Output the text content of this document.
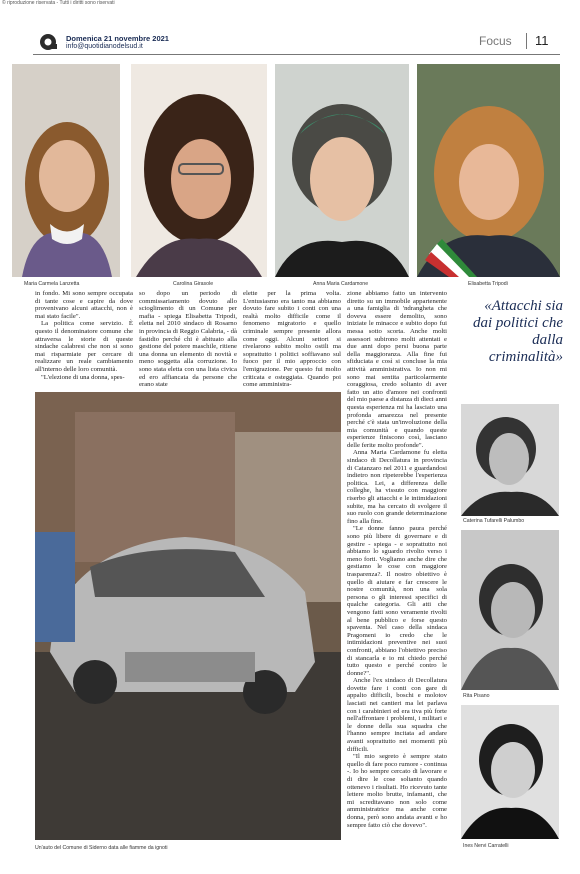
© riproduzione riservata - Tutti i diritti sono riservati
Domenica 21 novembre 2021
info@quotidianodelsud.it	Focus 11
Maria Carmela Lanzetta	Carolina Girasole	Anna Maria Cardamone	Elisabetta Tripodi

in fondo. Mi sono sempre occupata di tante cose e capire da dove provenivano alcuni attacchi, non è mai stato facile".

La politica come servizio. È questo il denominatore comune che attraversa le storie di queste sindache calabresi che non si sono mai risparmiate per cercare di realizzare un reale cambiamento all'interno delle loro comunità.

"L'elezione di una donna, spes-

so dopo un periodo di commissariamento dovuto allo scioglimento di un Comune per mafia - spiega Elisabetta Tripodi, eletta nel 2010 sindaco di Rosarno in provincia di Reggio Calabria, - dà fastidio perché chi è abituato alla gestione del potere maschile, ritiene una donna un elemento di novità e meno soggetta alla corruzione. Io sono stata eletta con una lista civica ed ero affiancata da persone che erano state

elette per la prima volta. L'entusiasmo era tanto ma abbiamo dovuto fare subito i conti con una realtà molto difficile come il fenomeno migratorio e quello criminale sempre presente allora come oggi. Alcuni settori si rivelarono subito molto ostili ma soprattutto i politici soffiavano sul fuoco per il mio approccio con l'emigrazione. Per questo fui molto criticata e osteggiata. Quando poi come amministra-

zione abbiamo fatto un intervento diretto su un immobile appartenente a una famiglia di 'ndrangheta che doveva essere demolito, sono iniziate le minacce e subito dopo fui messa sotto scorta. Anche molti assessori subirono molti attentati e due anni dopo persi buona parte della maggioranza. Alla fine fui sfiduciata e così si concluse la mia attività amministrativa. Io non mi sono mai sentita particolarmente coraggiosa, credo soltanto di aver fatto un atto d'amore nei confronti del mio paese a distanza di dieci anni questa esperienza mi ha lasciato una profonda amarezza nel presente perché c'è stata un'involuzione della mia comunità e quando queste esperienze finiscono così, lasciano delle ferite molto profonde".

Anna Maria Cardamone fu eletta sindaco di Decollatura in provincia di Catanzaro nel 2011 e guardandosi indietro non ripeterebbe l'esperienza politica. Lei, a differenza delle colleghe, ha vissuto con maggiore riserbo gli attacchi e le intimidazioni subite, ma ha cercato di svolgere il suo ruolo con grande determinazione fino alla fine.

"Le donne fanno paura perché sono più libere di governare e di gestire - spiega - e soprattutto noi abbiamo lo sguardo rivolto verso i meno forti. Vogliamo anche dire che gestiamo le cose con maggiore trasparenza?. Il nostro obiettivo è quello di aiutare e far crescere le nostre comunità, non una sola persona o gli interessi specifici di qualche categoria. Gli atti che vengono fatti sono veramente rivolti al bene pubblico e forse questo spaventa. Nel caso della sindaca Pragomeni io credo che le intimidazioni preventive nei suoi confronti, abbiano l'obiettivo preciso di stancarla e io mi chiedo perché tutto questo e perché contro le donne?".

Anche l'ex sindaco di Decollatura dovette fare i conti con gare di appalto difficili, boschi e molotov lasciati nei cantieri ma lei parlava con i carabinieri ed era tiva più forte nell'affrontare i problemi, i militari e le donne della sua squadra che l'hanno sempre incitata ad andare avanti soprattutto nei momenti più difficili.

"Il mio segreto è sempre stato quello di fare poco rumore - continua -. Io ho sempre cercato di lavorare e di dire le cose soltanto quando ottenevo i risultati. Ho ricevuto tante lettere molto brutte, infamanti, che mi screditavano non solo come amministratrice ma anche come donna, però sono andata avanti e ho sempre fatto ciò che dovevo".

«Attacchi sia dai politici che dalla criminalità»
Un'auto del Comune di Siderno data alle fiamme da ignoti
Caterina Tufarelli Palumbo
Rita Pisano
Ines Nervi Carratelli
